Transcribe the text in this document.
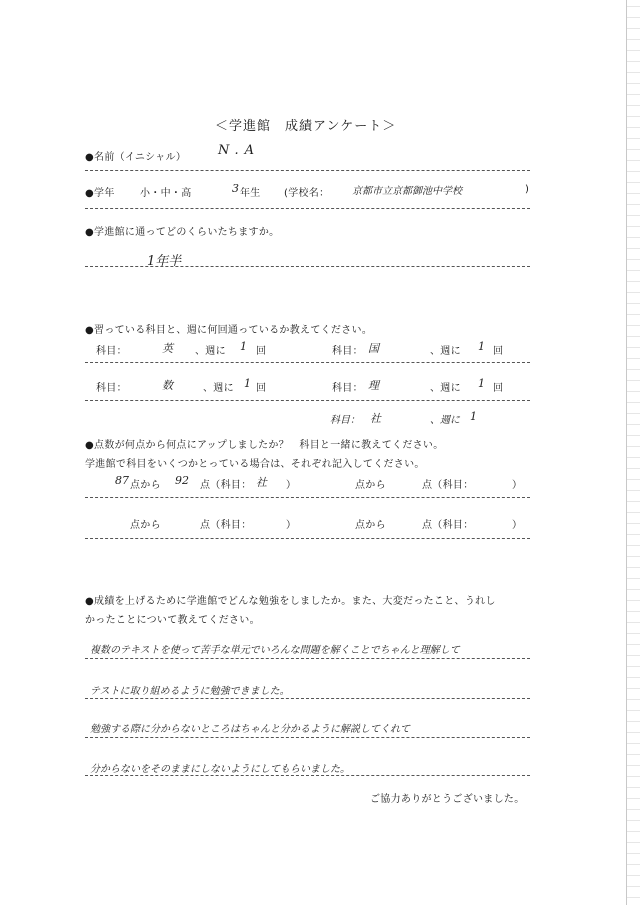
＜学進館　成績アンケート＞
●名前（イニシャル） N.A
●学年	小・中・高	3 年生 (学校名： 京都市立京都御池中学校	)
●学進館に通ってどのくらいたちますか。
1年半
●習っている科目と、週に何回通っているか教えてください。
科目：	英 、週に 1 回	科目： 国	、週に 1 回
科目：	数	、週に 1 回	科目： 理	、週に 1 回
科目： 社	、週に 1
●点数が何点から何点にアップしましたか？　科目と一緒に教えてください。
学進館で科目をいくつかとっている場合は、それぞれ記入してください。
87 点から 92 点（科目： 社 ）	点から	点（科目：	）
点から	点（科目：	）	点から	点（科目：	）
●成績を上げるために学進館でどんな勉強をしましたか。また、大変だったこと、うれし
かったことについて教えてください。
複数のテキストを使って苦手な単元でいろんな問題を解くことでちゃんと理解して
テストに取り組めるように勉強できました。
勉強する際に分からないところはちゃんと分かるように解説してくれて
分からないをそのままにしないようにしてもらいました。
ご協力ありがとうございました。
